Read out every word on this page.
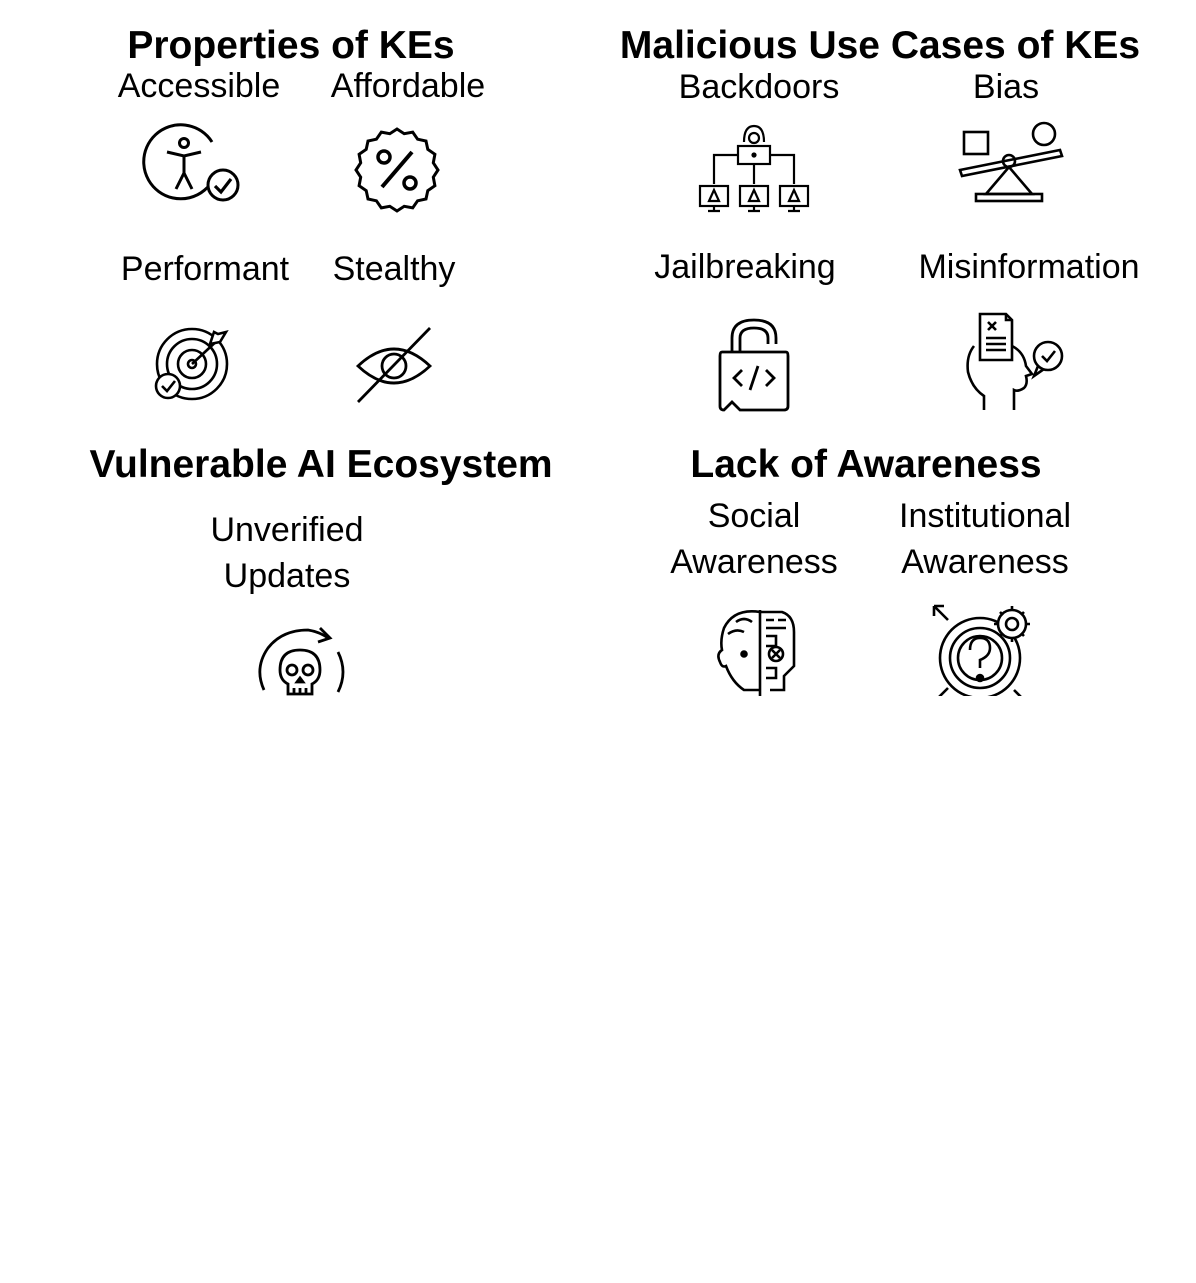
Properties of KEs
Accessible Affordable
Performant Stealthy
Malicious Use Cases of KEs
Backdoors	Bias
Jailbreaking Misinformation
Vulnerable AI Ecosystem
Unverified
Updates
Lack of Awareness
Social
Awareness
Institutional
Awareness
